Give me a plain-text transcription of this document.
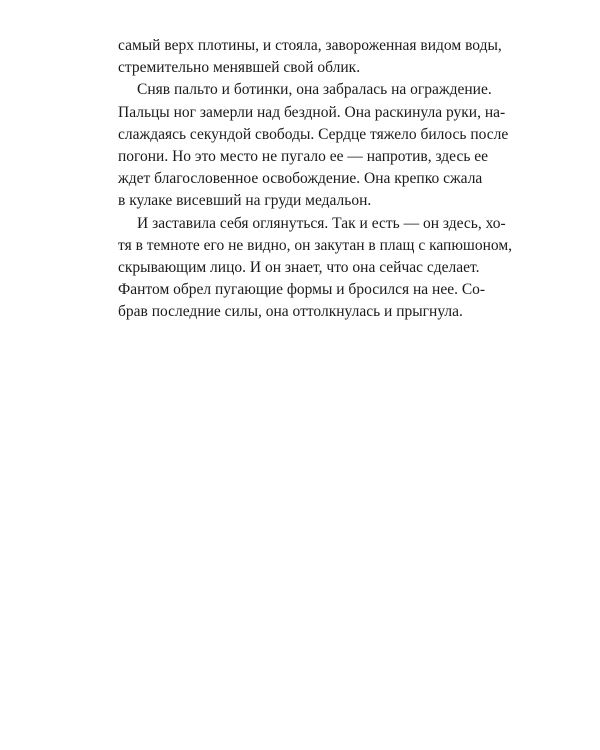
самый верх плотины, и стояла, завороженная видом воды,
стремительно менявшей свой облик.
Сняв пальто и ботинки, она забралась на ограждение.
Пальцы ног замерли над бездной. Она раскинула руки, на-
слаждаясь секундой свободы. Сердце тяжело билось после
погони. Но это место не пугало ее — напротив, здесь ее
ждет благословенное освобождение. Она крепко сжала
в кулаке висевший на груди медальон.
И заставила себя оглянуться. Так и есть — он здесь, хо-
тя в темноте его не видно, он закутан в плащ с капюшоном,
скрывающим лицо. И он знает, что она сейчас сделает.
Фантом обрел пугающие формы и бросился на нее. Со-
брав последние силы, она оттолкнулась и прыгнула.
